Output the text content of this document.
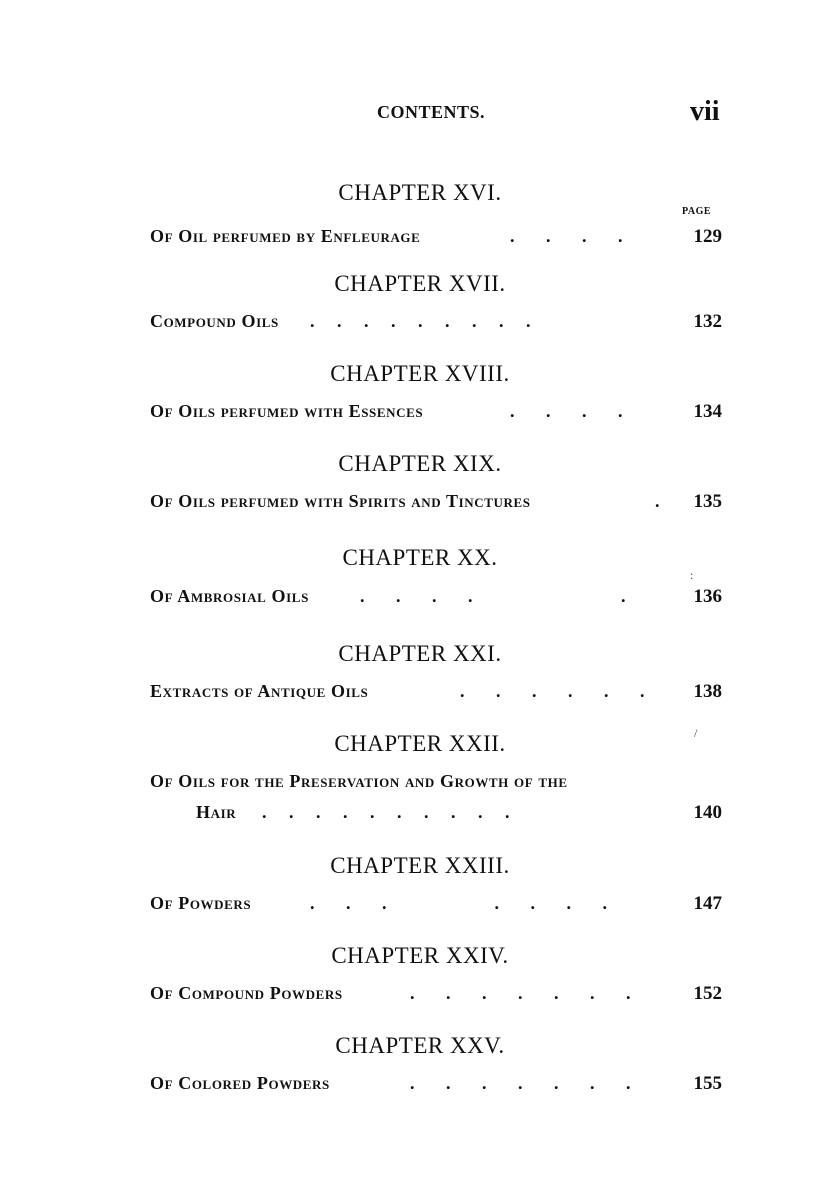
CONTENTS.	vii
PAGE
CHAPTER XVI.
Of Oil perfumed by Enfleurage	.       .       .       .	129
CHAPTER XVII.
Compound Oils .     .     .     .     .     .     .     .     .	132
CHAPTER XVIII.
Of Oils perfumed with Essences	.       .       .       .	134
CHAPTER XIX.
Of Oils perfumed with Spirits and Tinctures	. 135
CHAPTER XX.
Of Ambrosial Oils	.       .       .       .                                 .	136
CHAPTER XXI.
Extracts of Antique Oils	.       .       .       .       .       .	138
CHAPTER XXII.
Of Oils for the Preservation and Growth of the
Hair .     .     .     .     .     .     .     .     .     .	140
CHAPTER XXIII.
Of Powders	.       .       .                        .       .       .       .	147
CHAPTER XXIV.
Of Compound Powders	.       .       .       .       .       .       .	152
CHAPTER XXV.
Of Colored Powders	.       .       .       .       .       .       .	155
:
/
